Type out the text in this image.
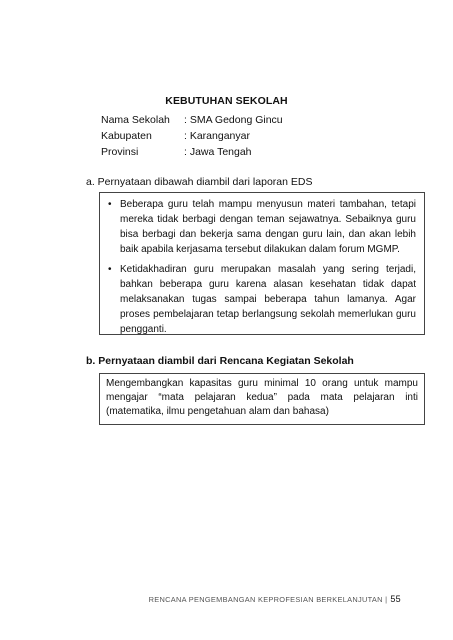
KEBUTUHAN SEKOLAH
Nama Sekolah : SMA Gedong Gincu
Kabupaten	: Karanganyar
Provinsi	: Jawa Tengah
a. Pernyataan dibawah diambil dari laporan EDS
• Beberapa guru telah mampu menyusun materi tambahan, tetapi mereka tidak berbagi dengan teman sejawatnya. Sebaiknya guru bisa berbagi dan bekerja sama dengan guru lain, dan akan lebih baik apabila kerjasama tersebut dilakukan dalam forum MGMP.
• Ketidakhadiran guru merupakan masalah yang sering terjadi, bahkan beberapa guru karena alasan kesehatan tidak dapat melaksanakan tugas sampai beberapa tahun lamanya. Agar proses pembelajaran tetap berlangsung sekolah memerlukan guru pengganti.
b. Pernyataan diambil dari Rencana Kegiatan Sekolah
Mengembangkan kapasitas guru minimal 10 orang untuk mampu mengajar “mata pelajaran kedua” pada mata pelajaran inti (matematika, ilmu pengetahuan alam dan bahasa)
RENCANA PENGEMBANGAN KEPROFESIAN BERKELANJUTAN | 55
